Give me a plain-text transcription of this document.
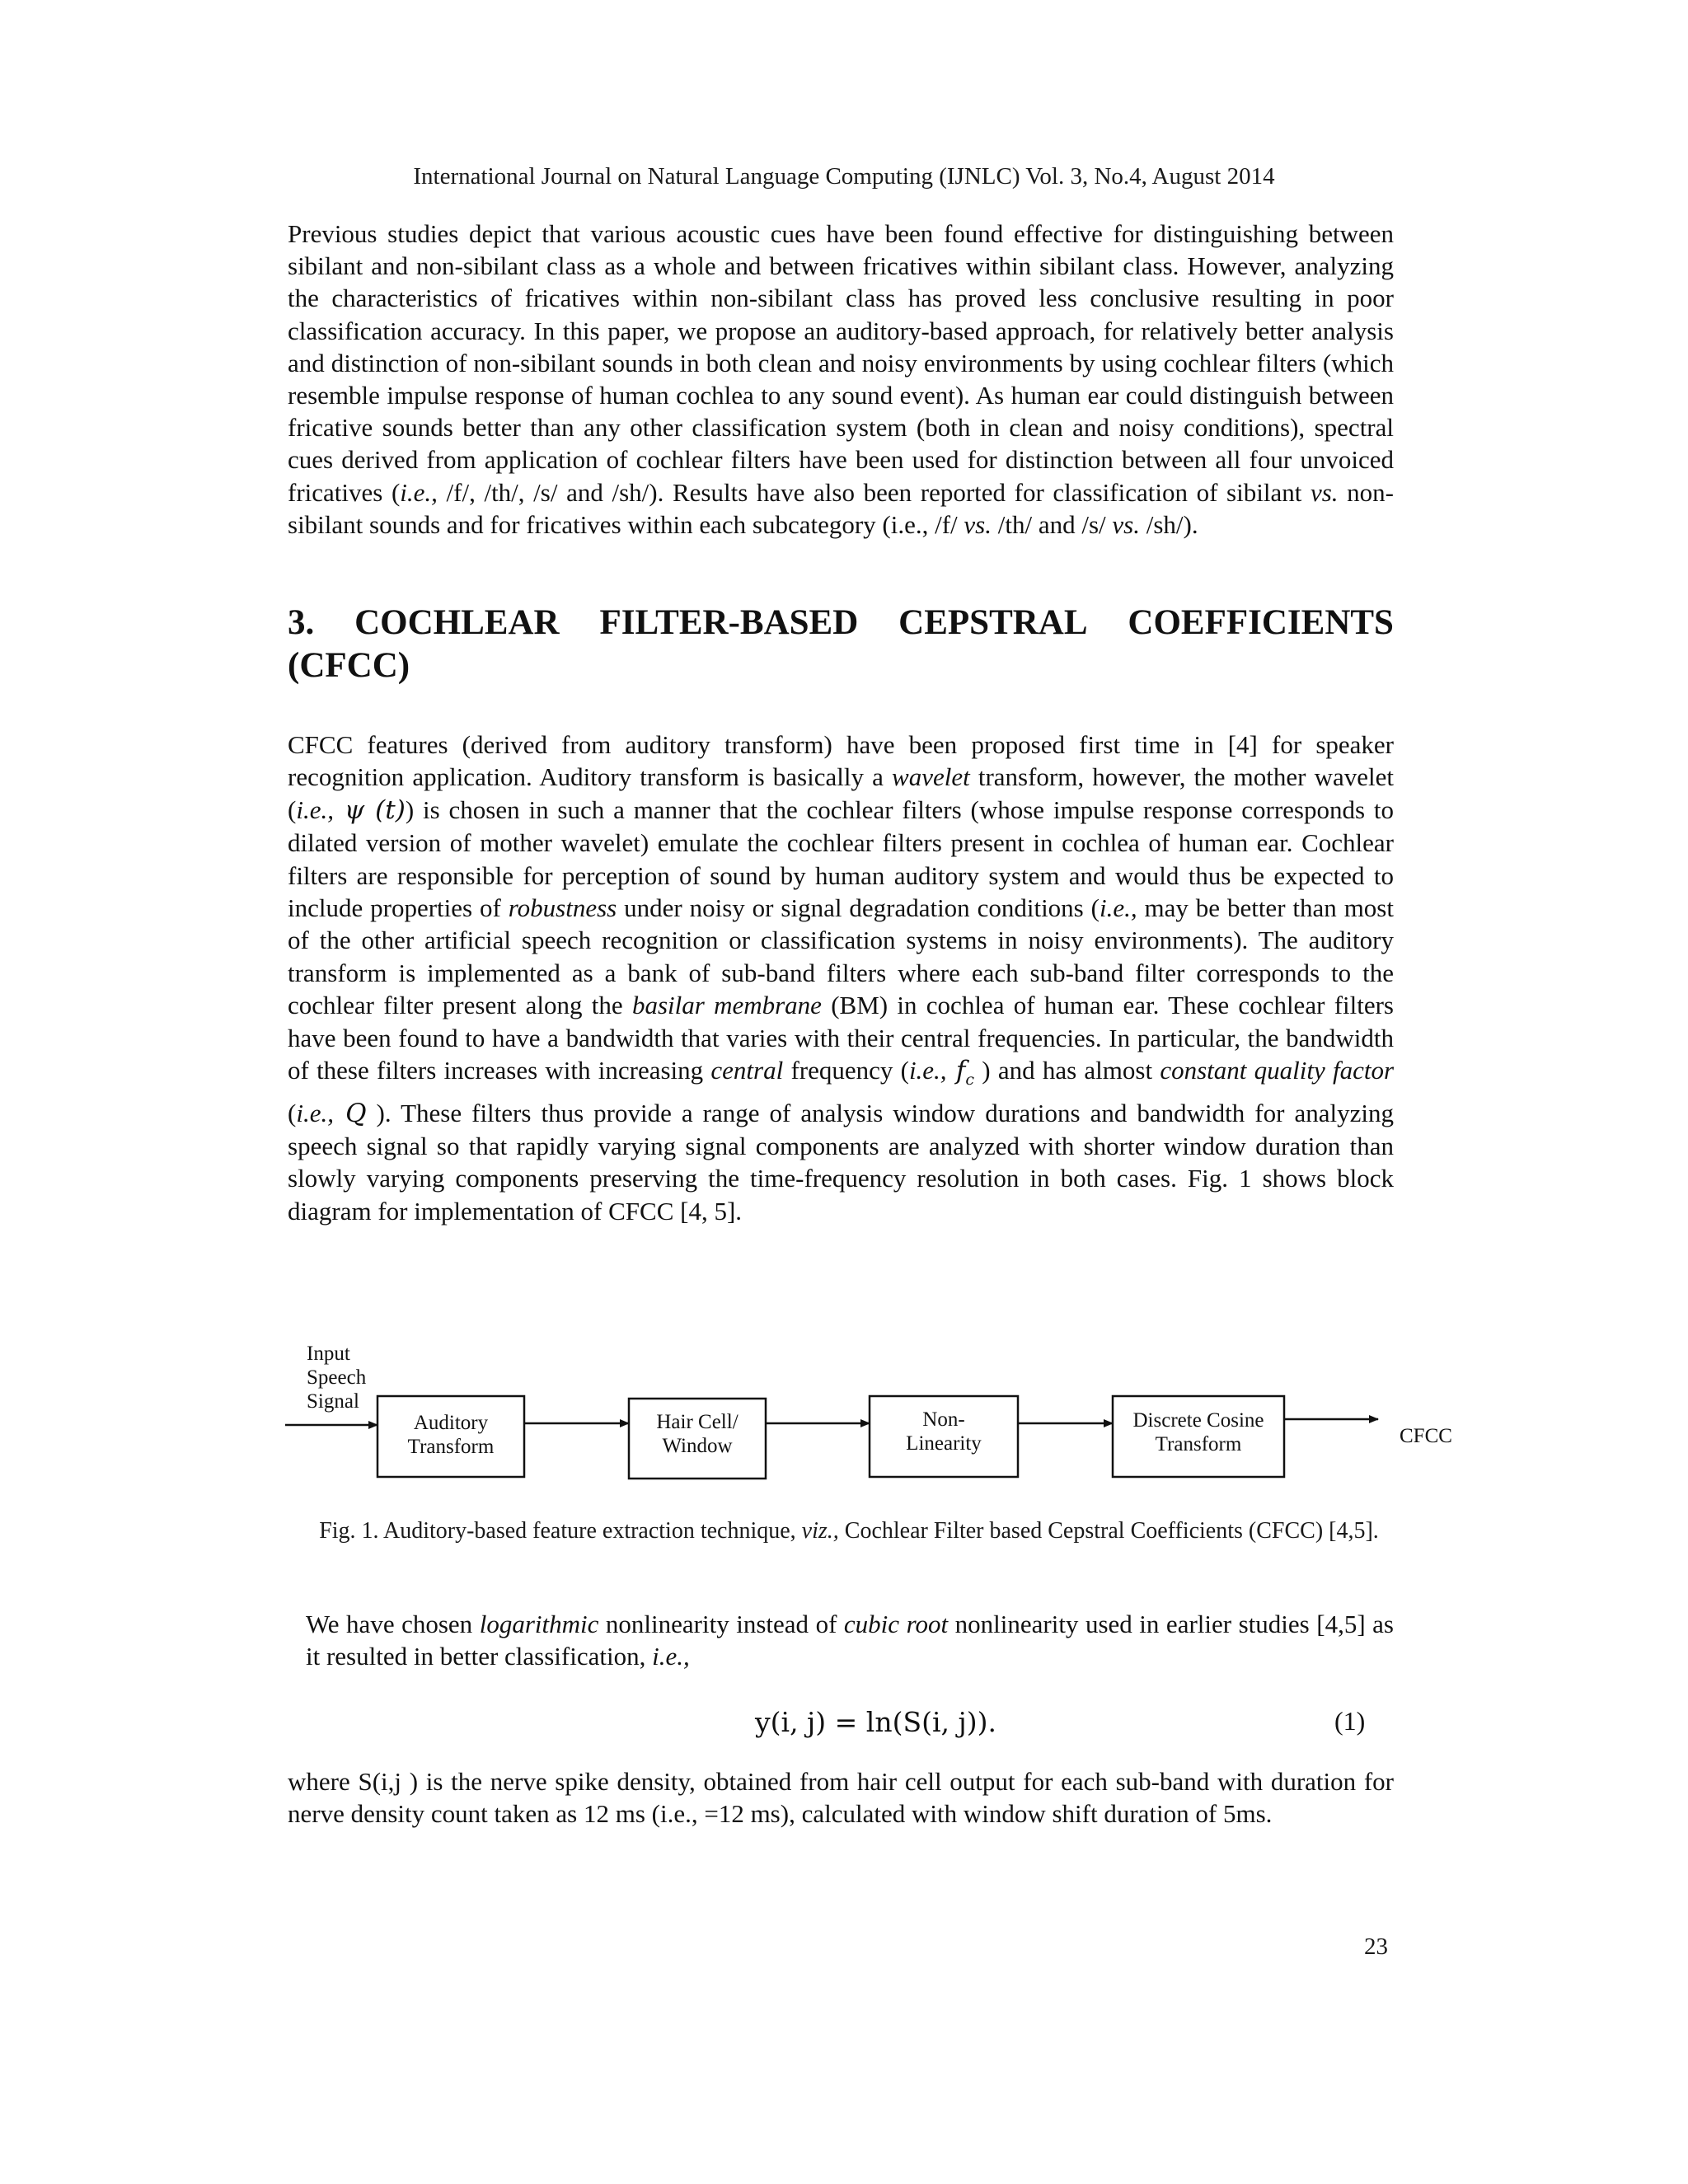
International Journal on Natural Language Computing (IJNLC) Vol. 3, No.4, August 2014

Previous studies depict that various acoustic cues have been found effective for distinguishing between sibilant and non-sibilant class as a whole and between fricatives within sibilant class. However, analyzing the characteristics of fricatives within non-sibilant class has proved less conclusive resulting in poor classification accuracy. In this paper, we propose an auditory-based approach, for relatively better analysis and distinction of non-sibilant sounds in both clean and noisy environments by using cochlear filters (which resemble impulse response of human cochlea to any sound event). As human ear could distinguish between fricative sounds better than any other classification system (both in clean and noisy conditions), spectral cues derived from application of cochlear filters have been used for distinction between all four unvoiced fricatives (i.e., /f/, /th/, /s/ and /sh/). Results have also been reported for classification of sibilant vs. non-sibilant sounds and for fricatives within each subcategory (i.e., /f/ vs. /th/ and /s/ vs. /sh/).

3. COCHLEAR FILTER-BASED CEPSTRAL COEFFICIENTS
(CFCC)

CFCC features (derived from auditory transform) have been proposed first time in [4] for speaker recognition application. Auditory transform is basically a wavelet transform, however, the mother wavelet (i.e., ψ (t)) is chosen in such a manner that the cochlear filters (whose impulse response corresponds to dilated version of mother wavelet) emulate the cochlear filters present in cochlea of human ear. Cochlear filters are responsible for perception of sound by human auditory system and would thus be expected to include properties of robustness under noisy or signal degradation conditions (i.e., may be better than most of the other artificial speech recognition or classification systems in noisy environments). The auditory transform is implemented as a bank of sub-band filters where each sub-band filter corresponds to the cochlear filter present along the basilar membrane (BM) in cochlea of human ear. These cochlear filters have been found to have a bandwidth that varies with their central frequencies. In particular, the bandwidth of these filters increases with increasing central frequency (i.e., $f_c$ ) and has almost constant quality factor (i.e., Q ). These filters thus provide a range of analysis window durations and bandwidth for analyzing speech signal so that rapidly varying signal components are analyzed with shorter window duration than slowly varying components preserving the time-frequency resolution in both cases. Fig. 1 shows block diagram for implementation of CFCC [4, 5].

Input
Speech
Signal
Auditory
Transform
Hair Cell/
Window
Non-
Linearity
Discrete Cosine
Transform	CFCC
Fig. 1. Auditory-based feature extraction technique, viz., Cochlear Filter based Cepstral Coefficients (CFCC) [4,5].

We have chosen logarithmic nonlinearity instead of cubic root nonlinearity used in earlier studies [4,5] as it resulted in better classification, i.e.,

y(i, j) = ln(S(i, j)).	(1)

where S(i,j ) is the nerve spike density, obtained from hair cell output for each sub-band with duration for nerve density count taken as 12 ms (i.e., =12 ms), calculated with window shift duration of 5ms.

23
